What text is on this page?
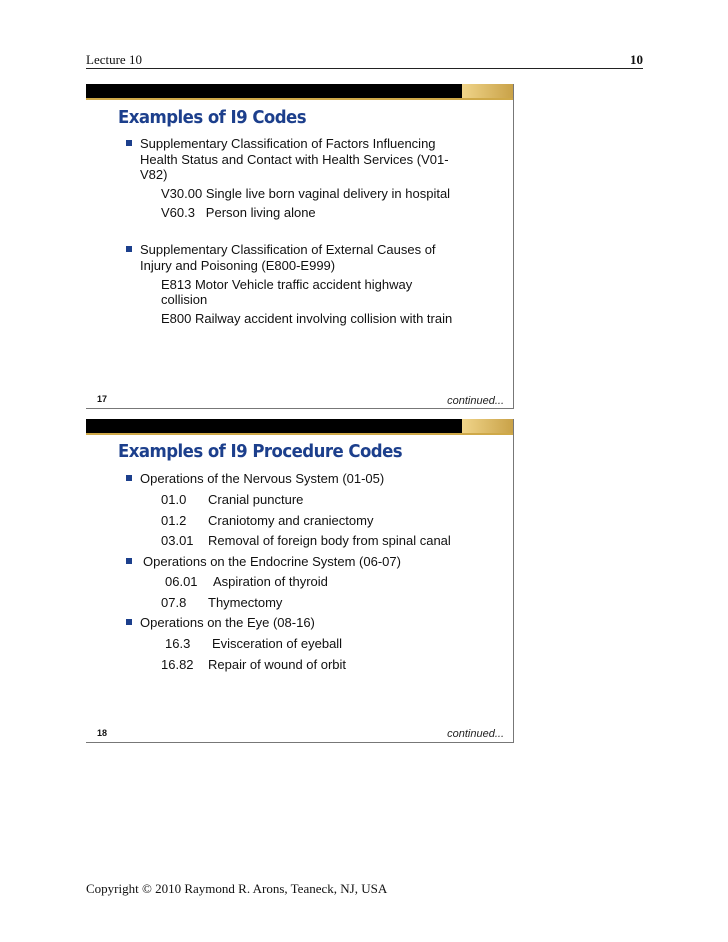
Lecture 10	10
Examples of I9 Codes
Supplementary Classification of Factors Influencing
Health Status and Contact with Health Services (V01-
V82)
V30.00 Single live born vaginal delivery in hospital
V60.3   Person living alone
Supplementary Classification of External Causes of
Injury and Poisoning (E800-E999)
E813 Motor Vehicle traffic accident highway
collision
E800 Railway accident involving collision with train
17	continued...
Examples of I9 Procedure Codes
Operations of the Nervous System (01-05)
01.0 Cranial puncture
01.2 Craniotomy and craniectomy
03.01 Removal of foreign body from spinal canal
Operations on the Endocrine System (06-07)
06.01 Aspiration of thyroid
07.8 Thymectomy
Operations on the Eye (08-16)
16.3 Evisceration of eyeball
16.82 Repair of wound of orbit
18	continued...
Copyright © 2010 Raymond R. Arons, Teaneck, NJ, USA
